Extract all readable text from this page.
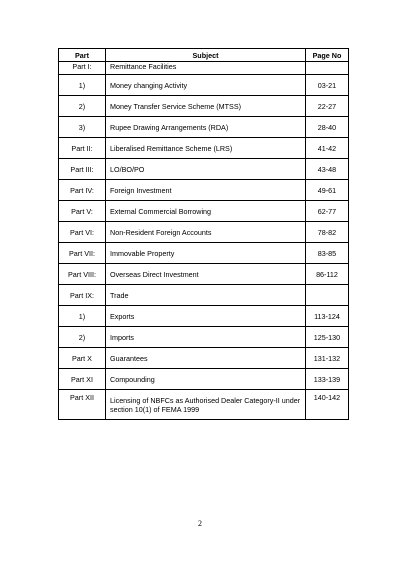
Part	Subject	Page No
Part I:	Remittance Facilities	
1)	Money changing Activity	03-21
2)	Money Transfer Service Scheme (MTSS)	22-27
3)	Rupee Drawing Arrangements (RDA)	28-40
Part II:	Liberalised Remittance Scheme (LRS)	41-42
Part III:	LO/BO/PO	43-48
Part IV:	Foreign Investment	49-61
Part V:	External Commercial Borrowing	62-77
Part VI:	Non-Resident Foreign Accounts	78-82
Part VII:	Immovable Property	83-85
Part VIII:	Overseas Direct Investment	86-112
Part IX:	Trade	
1)	Exports	113-124
2)	Imports	125-130
Part X	Guarantees	131-132
Part XI	Compounding	133-139
Part XII	Licensing of NBFCs as Authorised Dealer Category-II under section 10(1) of FEMA 1999	140-142
2
